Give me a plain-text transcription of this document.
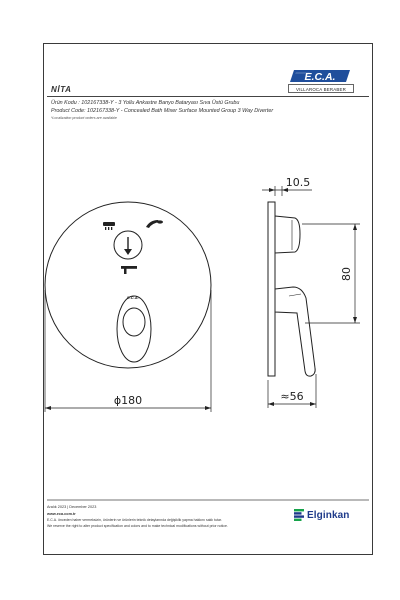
E.C.A.
VILLAROCA BERABER
NİTA
Ürün Kodu : 102167338-Y - 3 Yollu Ankastre Banyo Bataryası Sıva Üstü Grubu
Product Code: 102167338-Y - Concealed Bath Mixer Surface Mounted Group 3 Way Diverter
*Localization product orders are available
E.C.A.
ϕ180
10.5
80
≈56
Aralık 2023 | December 2023
www.eca.com.tr
E.C.A. önceden haber vermeksizin, ürünlerin ve ürünlerin teknik detaylarında değişiklik yapma hakkını saklı tutar.
We reserve the right to alter product specification and colors and to make technical modifications without prior notice.
Elginkan
